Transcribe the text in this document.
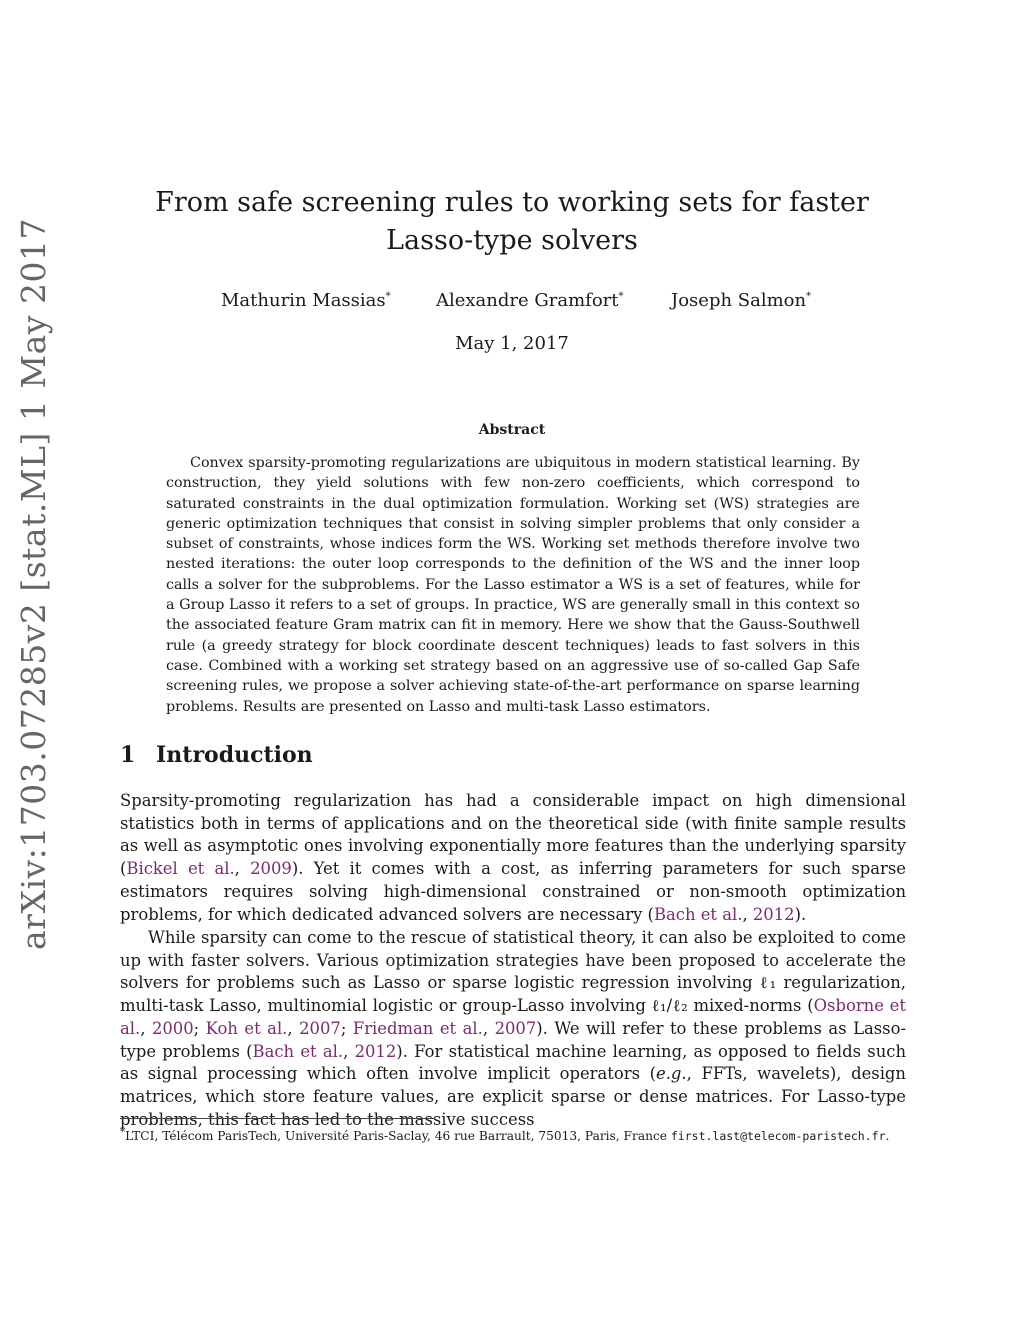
arXiv:1703.07285v2 [stat.ML] 1 May 2017
From safe screening rules to working sets for faster
Lasso-type solvers
Mathurin Massias*	Alexandre Gramfort*	Joseph Salmon*
May 1, 2017
Abstract
Convex sparsity-promoting regularizations are ubiquitous in modern statistical learning. By construction, they yield solutions with few non-zero coefficients, which correspond to saturated constraints in the dual optimization formulation. Working set (WS) strategies are generic optimization techniques that consist in solving simpler problems that only consider a subset of constraints, whose indices form the WS. Working set methods therefore involve two nested iterations: the outer loop corresponds to the definition of the WS and the inner loop calls a solver for the subproblems. For the Lasso estimator a WS is a set of features, while for a Group Lasso it refers to a set of groups. In practice, WS are generally small in this context so the associated feature Gram matrix can fit in memory. Here we show that the Gauss-Southwell rule (a greedy strategy for block coordinate descent techniques) leads to fast solvers in this case. Combined with a working set strategy based on an aggressive use of so-called Gap Safe screening rules, we propose a solver achieving state-of-the-art performance on sparse learning problems. Results are presented on Lasso and multi-task Lasso estimators.
1 Introduction
Sparsity-promoting regularization has had a considerable impact on high dimensional statistics both in terms of applications and on the theoretical side (with finite sample results as well as asymptotic ones involving exponentially more features than the underlying sparsity (Bickel et al., 2009). Yet it comes with a cost, as inferring parameters for such sparse estimators requires solving high-dimensional constrained or non-smooth optimization problems, for which dedicated advanced solvers are necessary (Bach et al., 2012).
While sparsity can come to the rescue of statistical theory, it can also be exploited to come up with faster solvers. Various optimization strategies have been proposed to accelerate the solvers for problems such as Lasso or sparse logistic regression involving ℓ₁ regularization, multi-task Lasso, multinomial logistic or group-Lasso involving ℓ₁/ℓ₂ mixed-norms (Osborne et al., 2000; Koh et al., 2007; Friedman et al., 2007). We will refer to these problems as Lasso-type problems (Bach et al., 2012). For statistical machine learning, as opposed to fields such as signal processing which often involve implicit operators (e.g., FFTs, wavelets), design matrices, which store feature values, are explicit sparse or dense matrices. For Lasso-type problems, this fact has led to the massive success
*LTCI, Télécom ParisTech, Université Paris-Saclay, 46 rue Barrault, 75013, Paris, France first.last@telecom-paristech.fr.
